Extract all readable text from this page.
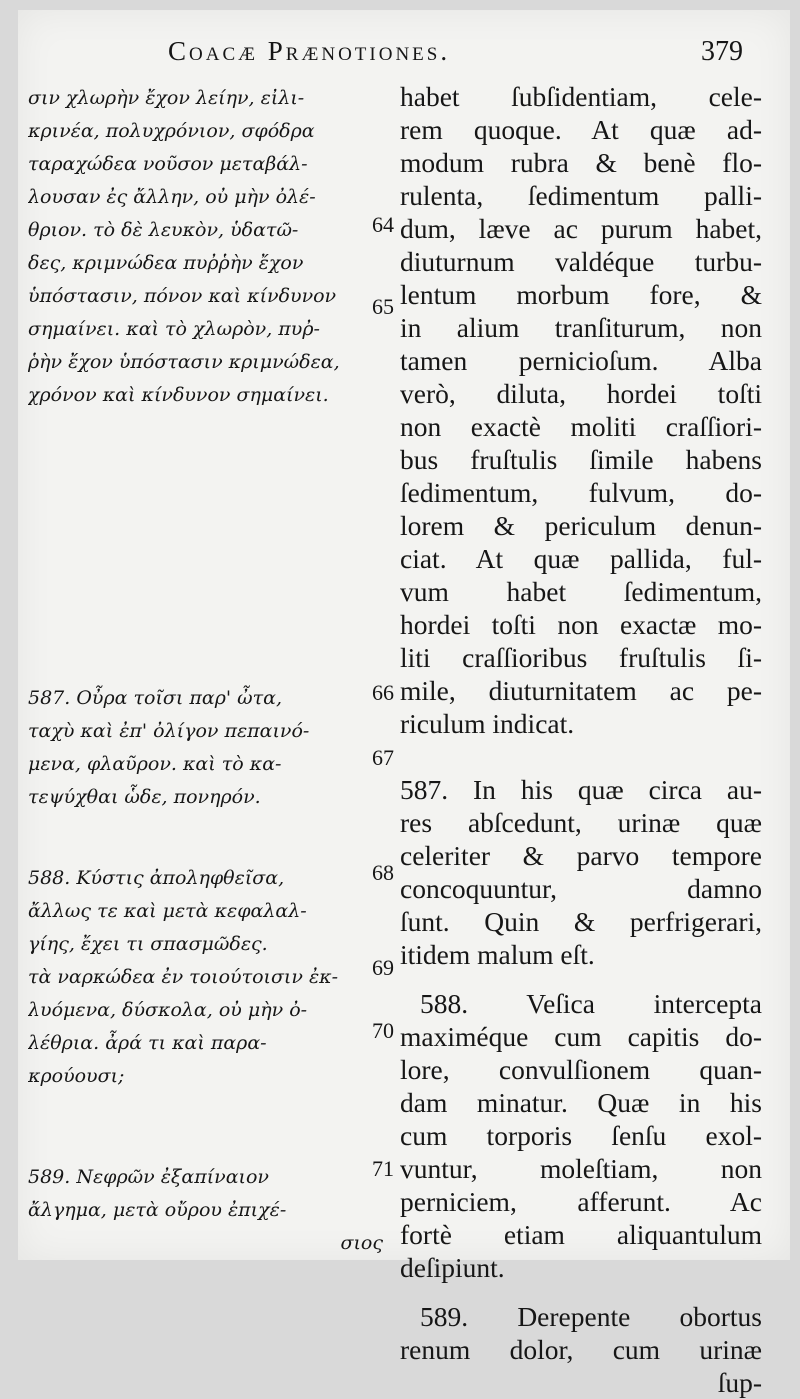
Coacæ Prænotiones.	379
σιν χλωρὴν ἔχον λείην, εἰλι-
κρινέα, πολυχρόνιον, σφόδρα
ταραχώδεα νοῦσον μεταβάλ-
λουσαν ἐς ἄλλην, οὐ μὴν ὀλέ-
θριον. τὸ δὲ λευκὸν, ὑδατῶ-
δες, κριμνώδεα πυῤῥὴν ἔχον
ὑπόστασιν, πόνον καὶ κίνδυνον
σημαίνει. καὶ τὸ χλωρὸν, πυῤ-
ῥὴν ἔχον ὑπόστασιν κριμνώδεα,
χρόνον καὶ κίνδυνον σημαίνει.
587. Οὖρα τοῖσι παρ' ὦτα,
ταχὺ καὶ ἐπ' ὀλίγον πεπαινό-
μενα, φλαῦρον. καὶ τὸ κα-
τεψύχθαι ὧδε, πονηρόν.
588. Κύστις ἀποληφθεῖσα,
ἄλλως τε καὶ μετὰ κεφαλαλ-
γίης, ἔχει τι σπασμῶδες.
τὰ ναρκώδεα ἐν τοιούτοισιν ἐκ-
λυόμενα, δύσκολα, οὐ μὴν ὀ-
λέθρια. ἆρά τι καὶ παρα-
κρούουσι;
589. Νεφρῶν ἐξαπίναιον
ἄλγημα, μετὰ οὔρου ἐπιχέ-
σιος
64
65
66
67
68
69
70
71
habet ſubſidentiam, cele-
rem quoque. At quæ ad-
modum rubra & benè flo-
rulenta, ſedimentum palli-
dum, læve ac purum habet,
diuturnum valdéque turbu-
lentum morbum fore, &
in alium tranſiturum, non
tamen pernicioſum. Alba
verò, diluta, hordei toſti
non exactè moliti craſſiori-
bus fruſtulis ſimile habens
ſedimentum, fulvum, do-
lorem & periculum denun-
ciat. At quæ pallida, ful-
vum habet ſedimentum,
hordei toſti non exactæ mo-
liti craſſioribus fruſtulis ſi-
mile, diuturnitatem ac pe-
riculum indicat.
587. In his quæ circa au-
res abſcedunt, urinæ quæ
celeriter & parvo tempore
concoquuntur, damno
ſunt. Quin & perfrigerari,
itidem malum eſt.
588. Veſica intercepta
maximéque cum capitis do-
lore, convulſionem quan-
dam minatur. Quæ in his
cum torporis ſenſu exol-
vuntur, moleſtiam, non
perniciem, afferunt. Ac
fortè etiam aliquantulum
deſipiunt.
589. Derepente obortus
renum dolor, cum urinæ
ſup-
